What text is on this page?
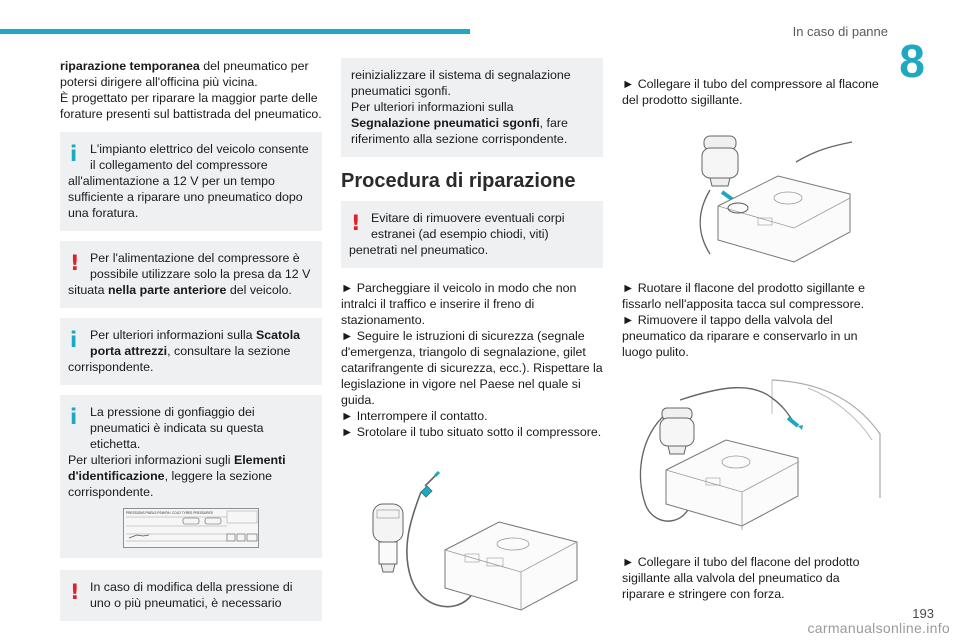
In caso di panne
8

riparazione temporanea del pneumatico per potersi dirigere all'officina più vicina.

È progettato per riparare la maggior parte delle forature presenti sul battistrada del pneumatico.

i	L'impianto elettrico del veicolo consente il collegamento del compressore
all'alimentazione a 12 V per un tempo sufficiente a riparare uno pneumatico dopo una foratura.
! Per l'alimentazione del compressore è possibile utilizzare solo la presa da 12 V
situata nella parte anteriore del veicolo.
i	Per ulteriori informazioni sulla Scatola porta attrezzi, consultare la sezione
corrispondente.
i	La pressione di gonfiaggio dei pneumatici è indicata su questa etichetta.
Per ulteriori informazioni sugli Elementi d'identificazione, leggere la sezione corrispondente.
PRESSIONS PNEUS PSI/KPA / COLD TYRES PRESSURES
! In caso di modifica della pressione di uno o più pneumatici, è necessario

reinizializzare il sistema di segnalazione pneumatici sgonfi.

Per ulteriori informazioni sulla Segnalazione pneumatici sgonfi, fare riferimento alla sezione corrispondente.

Procedura di riparazione
! Evitare di rimuovere eventuali corpi estranei (ad esempio chiodi, viti)
penetrati nel pneumatico.

► Parcheggiare il veicolo in modo che non intralci il traffico e inserire il freno di stazionamento.

► Seguire le istruzioni di sicurezza (segnale d'emergenza, triangolo di segnalazione, gilet catarifrangente di sicurezza, ecc.). Rispettare la legislazione in vigore nel Paese nel quale si guida.

► Interrompere il contatto.

► Srotolare il tubo situato sotto il compressore.

► Collegare il tubo del compressore al flacone del prodotto sigillante.

► Ruotare il flacone del prodotto sigillante e fissarlo nell'apposita tacca sul compressore.

► Rimuovere il tappo della valvola del pneumatico da riparare e conservarlo in un luogo pulito.

► Collegare il tubo del flacone del prodotto sigillante alla valvola del pneumatico da riparare e stringere con forza.

193
carmanualsonline.info
